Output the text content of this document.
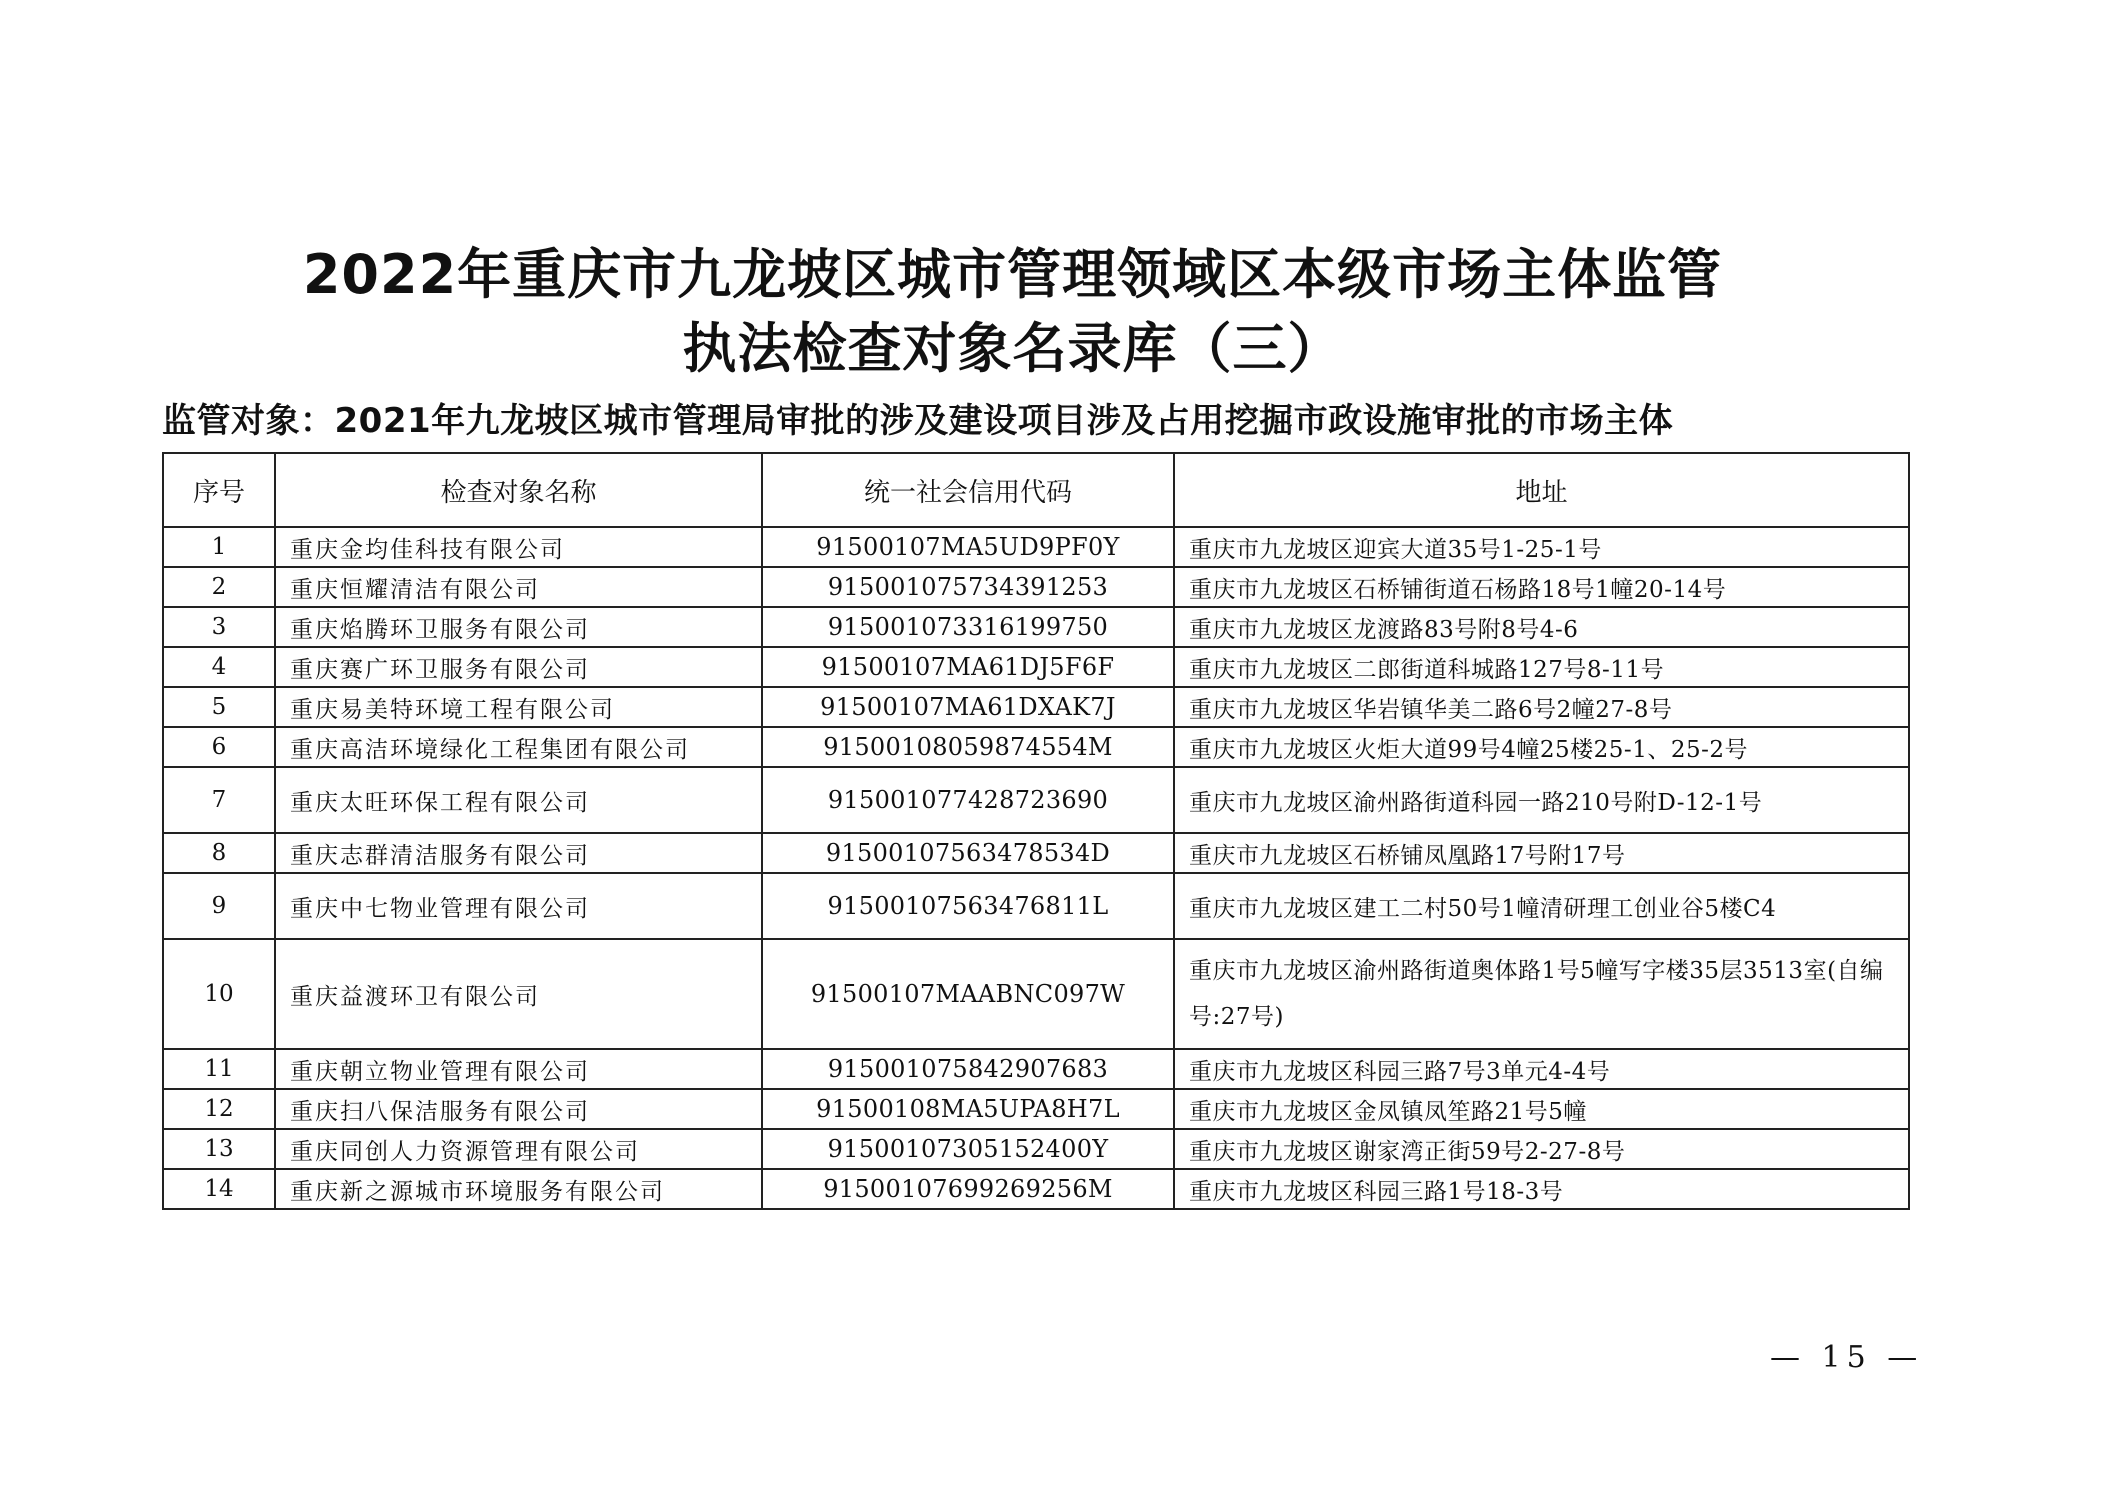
2022年重庆市九龙坡区城市管理领域区本级市场主体监管
执法检查对象名录库（三）
监管对象：2021年九龙坡区城市管理局审批的涉及建设项目涉及占用挖掘市政设施审批的市场主体
序号	检查对象名称	统一社会信用代码	地址
1	重庆金均佳科技有限公司	91500107MA5UD9PF0Y	重庆市九龙坡区迎宾大道35号1-25-1号
2	重庆恒耀清洁有限公司	915001075734391253	重庆市九龙坡区石桥铺街道石杨路18号1幢20-14号
3	重庆焰腾环卫服务有限公司	915001073316199750	重庆市九龙坡区龙渡路83号附8号4-6
4	重庆赛广环卫服务有限公司	91500107MA61DJ5F6F	重庆市九龙坡区二郎街道科城路127号8-11号
5	重庆易美特环境工程有限公司	91500107MA61DXAK7J	重庆市九龙坡区华岩镇华美二路6号2幢27-8号
6	重庆高洁环境绿化工程集团有限公司	91500108059874554M	重庆市九龙坡区火炬大道99号4幢25楼25-1、25-2号
7	重庆太旺环保工程有限公司	915001077428723690	重庆市九龙坡区渝州路街道科园一路210号附D-12-1号
8	重庆志群清洁服务有限公司	91500107563478534D	重庆市九龙坡区石桥铺凤凰路17号附17号
9	重庆中七物业管理有限公司	91500107563476811L	重庆市九龙坡区建工二村50号1幢清研理工创业谷5楼C4
10	重庆益渡环卫有限公司	91500107MAABNC097W	重庆市九龙坡区渝州路街道奥体路1号5幢写字楼35层3513室(自编号:27号)
11	重庆朝立物业管理有限公司	915001075842907683	重庆市九龙坡区科园三路7号3单元4-4号
12	重庆扫八保洁服务有限公司	91500108MA5UPA8H7L	重庆市九龙坡区金凤镇凤笙路21号5幢
13	重庆同创人力资源管理有限公司	91500107305152400Y	重庆市九龙坡区谢家湾正街59号2-27-8号
14	重庆新之源城市环境服务有限公司	91500107699269256M	重庆市九龙坡区科园三路1号18-3号
— 15 —
